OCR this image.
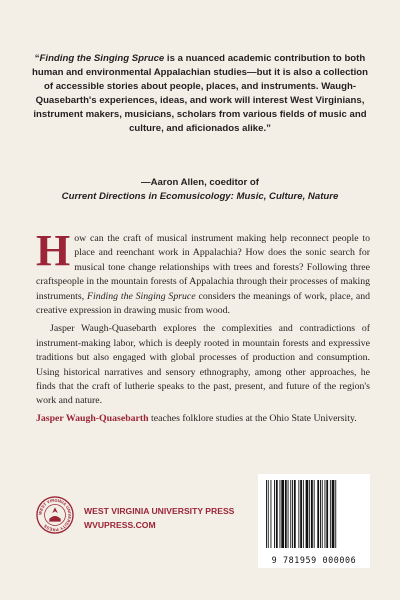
“Finding the Singing Spruce is a nuanced academic contribution to both human and environmental Appalachian studies—but it is also a collection of accessible stories about people, places, and instruments. Waugh-Quasebarth's experiences, ideas, and work will interest West Virginians, instrument makers, musicians, scholars from various fields of music and culture, and aficionados alike.”
—Aaron Allen, coeditor of
Current Directions in Ecomusicology: Music, Culture, Nature

How can the craft of musical instrument making help reconnect people to place and reenchant work in Appalachia? How does the sonic search for musical tone change relationships with trees and forests? Following three craftspeople in the mountain forests of Appalachia through their processes of making instruments, Finding the Singing Spruce considers the meanings of work, place, and creative expression in drawing music from wood.

Jasper Waugh-Quasebarth explores the complexities and contradictions of instrument-making labor, which is deeply rooted in mountain forests and expressive traditions but also engaged with global processes of production and consumption. Using historical narratives and sensory ethnography, among other approaches, he finds that the craft of lutherie speaks to the past, present, and future of the region's work and nature.

Jasper Waugh-Quasebarth teaches folklore studies at the Ohio State University.
WEST VIRGINIA UNIVERSITY PRESS
WEST VIRGINIA UNIVERSITY PRESS
WVUPRESS.COM
9 781959 000006
